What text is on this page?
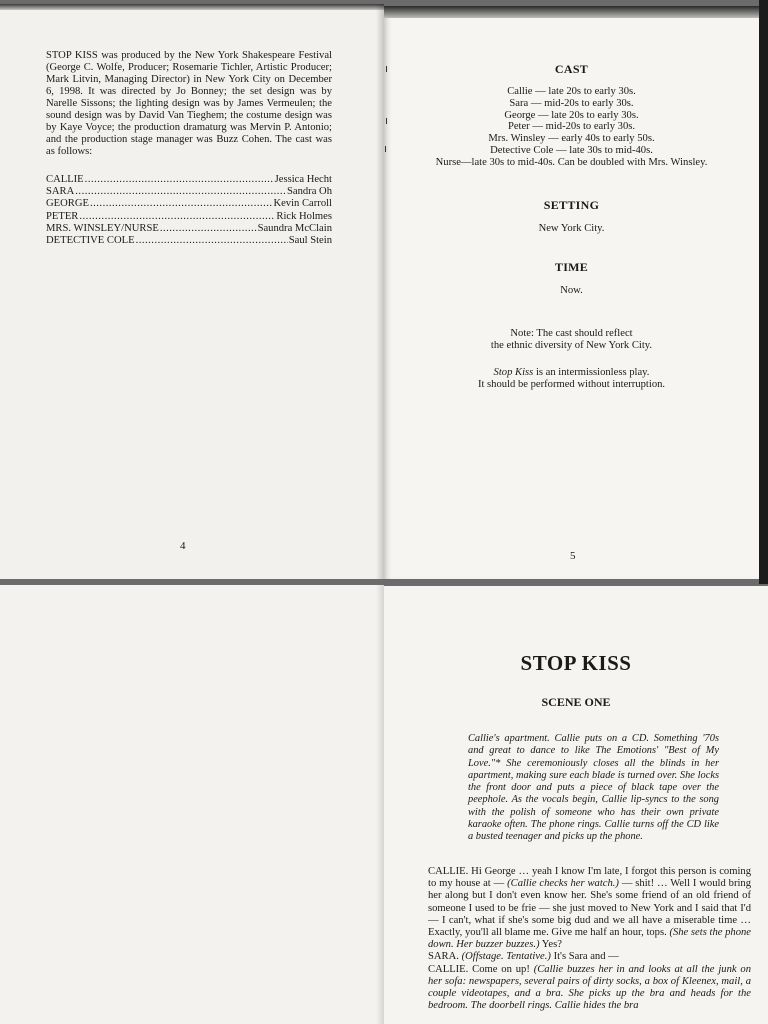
STOP KISS was produced by the New York Shakespeare Festival (George C. Wolfe, Producer; Rosemarie Tichler, Artistic Producer; Mark Litvin, Managing Director) in New York City on December 6, 1998. It was directed by Jo Bonney; the set design was by Narelle Sissons; the lighting design was by James Vermeulen; the sound design was by David Van Tieghem; the costume design was by Kaye Voyce; the production dramaturg was Mervin P. Antonio; and the production stage manager was Buzz Cohen. The cast was as follows:
CALLIE .....	Jessica Hecht
SARA .....	Sandra Oh
GEORGE .....	Kevin Carroll
PETER .....	Rick Holmes
MRS. WINSLEY/NURSE .....	Saundra McClain
DETECTIVE COLE .....	Saul Stein
4
CAST
Callie — late 20s to early 30s.
Sara — mid-20s to early 30s.
George — late 20s to early 30s.
Peter — mid-20s to early 30s.
Mrs. Winsley — early 40s to early 50s.
Detective Cole — late 30s to mid-40s.
Nurse—late 30s to mid-40s. Can be doubled with Mrs. Winsley.
SETTING
New York City.
TIME
Now.
Note: The cast should reflect
the ethnic diversity of New York City.
Stop Kiss is an intermissionless play.
It should be performed without interruption.
5
STOP KISS
SCENE ONE
Callie's apartment. Callie puts on a CD. Something '70s and great to dance to like The Emotions' "Best of My Love."* She ceremoniously closes all the blinds in her apartment, making sure each blade is turned over. She locks the front door and puts a piece of black tape over the peephole. As the vocals begin, Callie lip-syncs to the song with the polish of someone who has their own private karaoke often. The phone rings. Callie turns off the CD like a busted teenager and picks up the phone.

CALLIE. Hi George … yeah I know I'm late, I forgot this person is coming to my house at — (Callie checks her watch.) — shit! … Well I would bring her along but I don't even know her. She's some friend of an old friend of someone I used to be frie — she just moved to New York and I said that I'd — I can't, what if she's some big dud and we all have a miserable time … Exactly, you'll all blame me. Give me half an hour, tops. (She sets the phone down. Her buzzer buzzes.) Yes?

SARA. (Offstage. Tentative.) It's Sara and —

CALLIE. Come on up! (Callie buzzes her in and looks at all the junk on her sofa: newspapers, several pairs of dirty socks, a box of Kleenex, mail, a couple videotapes, and a bra. She picks up the bra and heads for the bedroom. The doorbell rings. Callie hides the bra
